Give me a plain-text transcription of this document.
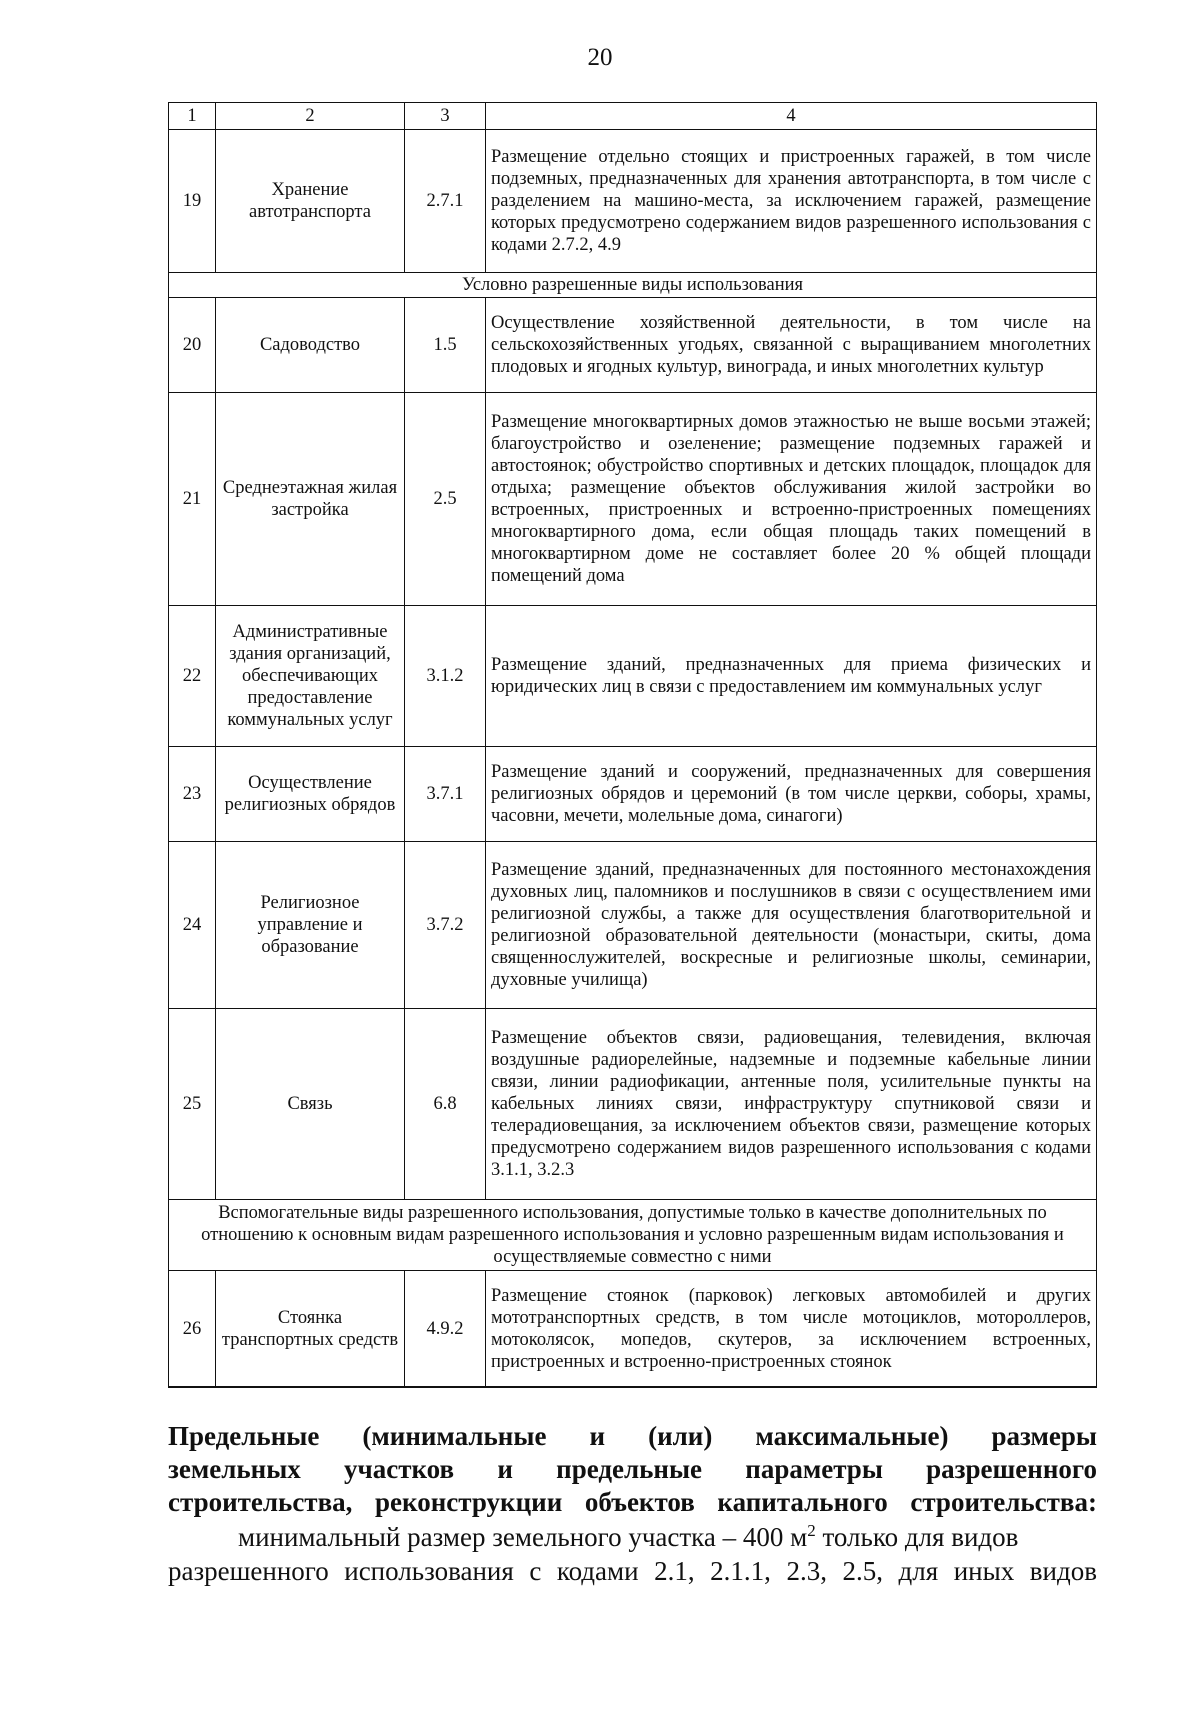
20
1	2	3	4
19	Хранение автотранспорта	2.7.1	Размещение отдельно стоящих и пристроенных гаражей, в том числе подземных, предназначенных для хранения автотранспорта, в том числе с разделением на машино-места, за исключением гаражей, размещение которых предусмотрено содержанием видов разрешенного использования с кодами 2.7.2, 4.9
Условно разрешенные виды использования			
20	Садоводство	1.5	Осуществление хозяйственной деятельности, в том числе на сельскохозяйственных угодьях, связанной с выращиванием многолетних плодовых и ягодных культур, винограда, и иных многолетних культур
21	Среднеэтажная жилая застройка	2.5	Размещение многоквартирных домов этажностью не выше восьми этажей; благоустройство и озеленение; размещение подземных гаражей и автостоянок; обустройство спортивных и детских площадок, площадок для отдыха; размещение объектов обслуживания жилой застройки во встроенных, пристроенных и встроенно-пристроенных помещениях многоквартирного дома, если общая площадь таких помещений в многоквартирном доме не составляет более 20 % общей площади помещений дома
22	Административные здания организаций, обеспечивающих предоставление коммунальных услуг	3.1.2	Размещение зданий, предназначенных для приема физических и юридических лиц в связи с предоставлением им коммунальных услуг
23	Осуществление религиозных обрядов	3.7.1	Размещение зданий и сооружений, предназначенных для совершения религиозных обрядов и церемоний (в том числе церкви, соборы, храмы, часовни, мечети, молельные дома, синагоги)
24	Религиозное управление и образование	3.7.2	Размещение зданий, предназначенных для постоянного местонахождения духовных лиц, паломников и послушников в связи с осуществлением ими религиозной службы, а также для осуществления благотворительной и религиозной образовательной деятельности (монастыри, скиты, дома священнослужителей, воскресные и религиозные школы, семинарии, духовные училища)
25	Связь	6.8	Размещение объектов связи, радиовещания, телевидения, включая воздушные радиорелейные, надземные и подземные кабельные линии связи, линии радиофикации, антенные поля, усилительные пункты на кабельных линиях связи, инфраструктуру спутниковой связи и телерадиовещания, за исключением объектов связи, размещение которых предусмотрено содержанием видов разрешенного использования с кодами 3.1.1, 3.2.3
Вспомогательные виды разрешенного использования, допустимые только в качестве дополнительных по отношению к основным видам разрешенного использования и условно разрешенным видам использования и осуществляемые совместно с ними			
26	Стоянка транспортных средств	4.9.2	Размещение стоянок (парковок) легковых автомобилей и других мототранспортных средств, в том числе мотоциклов, мотороллеров, мотоколясок, мопедов, скутеров, за исключением встроенных, пристроенных и встроенно-пристроенных стоянок
Предельные (минимальные и (или) максимальные) размеры
земельных участков и предельные параметры разрешенного
строительства, реконструкции объектов капитального строительства:
минимальный размер земельного участка – 400 $м^2$ только для видов
разрешенного использования с кодами 2.1, 2.1.1, 2.3, 2.5, для иных видов
